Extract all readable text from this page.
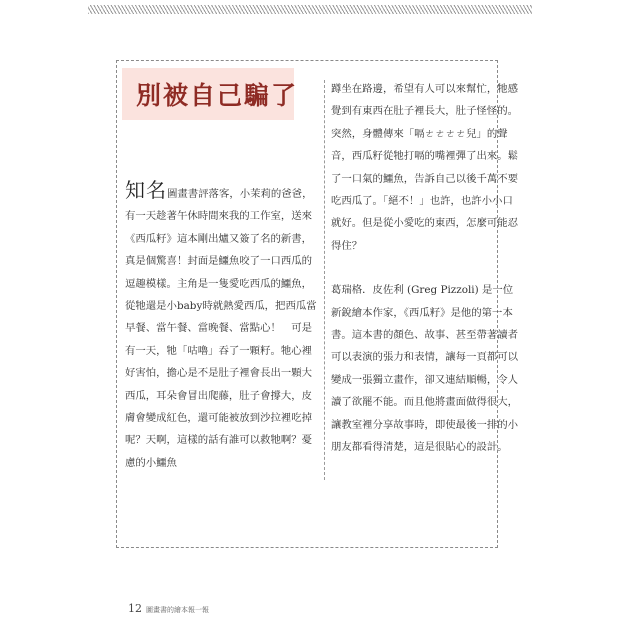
別被自己騙了

知名圖畫書評落客，小茉莉的爸爸，有一天趁著午休時間來我的工作室，送來《西瓜籽》這本剛出爐又簽了名的新書，真是個驚喜！封面是鱷魚咬了一口西瓜的逗趣模樣。主角是一隻愛吃西瓜的鱷魚，從牠還是小baby時就熱愛西瓜，把西瓜當早餐、當午餐、當晚餐、當點心！　可是有一天，牠「咕嚕」吞了一顆籽。牠心裡好害怕，擔心是不是肚子裡會長出一顆大西瓜，耳朵會冒出爬藤，肚子會撐大，皮膚會變成紅色，還可能被放到沙拉裡吃掉呢？天啊，這樣的話有誰可以救牠啊？憂慮的小鱷魚

蹲坐在路邊，希望有人可以來幫忙，牠感覺到有東西在肚子裡長大，肚子怪怪的。突然，身體傳來「嗝ㄜㄜㄜㄜ兒」的聲音，西瓜籽從牠打嗝的嘴裡彈了出來。鬆了一口氣的鱷魚，告訴自己以後千萬不要吃西瓜了。「絕不！」也許，也許小小口就好。但是從小愛吃的東西，怎麼可能忍得住？

葛瑞格．皮佐利 (Greg Pizzoli) 是一位新銳繪本作家，《西瓜籽》是他的第一本書。這本書的顏色、故事、甚至帶著讀者可以表演的張力和表情，讓每一頁都可以變成一張獨立畫作，卻又連結順暢，令人讀了欲罷不能。而且他將畫面做得很大，讓教室裡分享故事時，即使最後一排的小朋友都看得清楚，這是很貼心的設計。

12 圖畫書的繪本報一報
